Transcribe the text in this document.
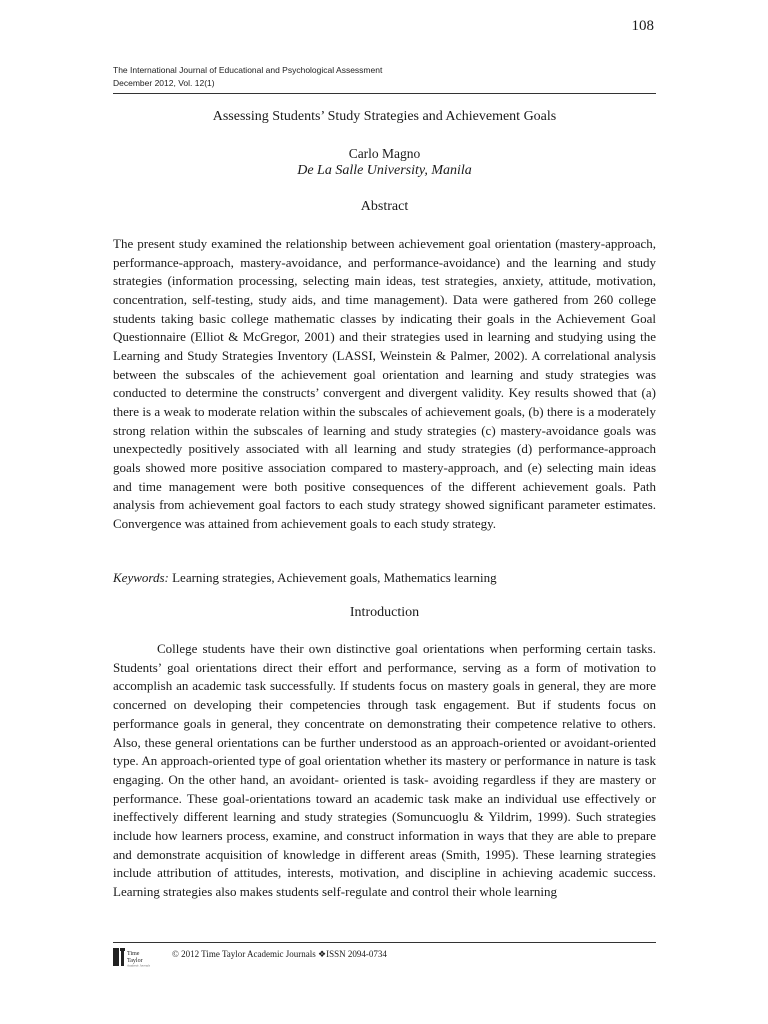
108
The International Journal of Educational and Psychological Assessment
December 2012, Vol. 12(1)
Assessing Students’ Study Strategies and Achievement Goals
Carlo Magno
De La Salle University, Manila
Abstract

The present study examined the relationship between achievement goal orientation (mastery-approach, performance-approach, mastery-avoidance, and performance-avoidance) and the learning and study strategies (information processing, selecting main ideas, test strategies, anxiety, attitude, motivation, concentration, self-testing, study aids, and time management). Data were gathered from 260 college students taking basic college mathematic classes by indicating their goals in the Achievement Goal Questionnaire (Elliot & McGregor, 2001) and their strategies used in learning and studying using the Learning and Study Strategies Inventory (LASSI, Weinstein & Palmer, 2002). A correlational analysis between the subscales of the achievement goal orientation and learning and study strategies was conducted to determine the constructs’ convergent and divergent validity. Key results showed that (a) there is a weak to moderate relation within the subscales of achievement goals, (b) there is a moderately strong relation within the subscales of learning and study strategies (c) mastery-avoidance goals was unexpectedly positively associated with all learning and study strategies (d) performance-approach goals showed more positive association compared to mastery-approach, and (e) selecting main ideas and time management were both positive consequences of the different achievement goals. Path analysis from achievement goal factors to each study strategy showed significant parameter estimates. Convergence was attained from achievement goals to each study strategy.

Keywords: Learning strategies, Achievement goals, Mathematics learning
Introduction

College students have their own distinctive goal orientations when performing certain tasks. Students’ goal orientations direct their effort and performance, serving as a form of motivation to accomplish an academic task successfully. If students focus on mastery goals in general, they are more concerned on developing their competencies through task engagement. But if students focus on performance goals in general, they concentrate on demonstrating their competence relative to others. Also, these general orientations can be further understood as an approach-oriented or avoidant-oriented type. An approach-oriented type of goal orientation whether its mastery or performance in nature is task engaging. On the other hand, an avoidant- oriented is task- avoiding regardless if they are mastery or performance. These goal-orientations toward an academic task make an individual use effectively or ineffectively different learning and study strategies (Somuncuoglu & Yildrim, 1999). Such strategies include how learners process, examine, and construct information in ways that they are able to prepare and demonstrate acquisition of knowledge in different areas (Smith, 1995). These learning strategies include attribution of attitudes, interests, motivation, and discipline in achieving academic success. Learning strategies also makes students self-regulate and control their whole learning

Time
Taylor
Academic Journals
© 2012 Time Taylor Academic Journals ❖ISSN 2094-0734
